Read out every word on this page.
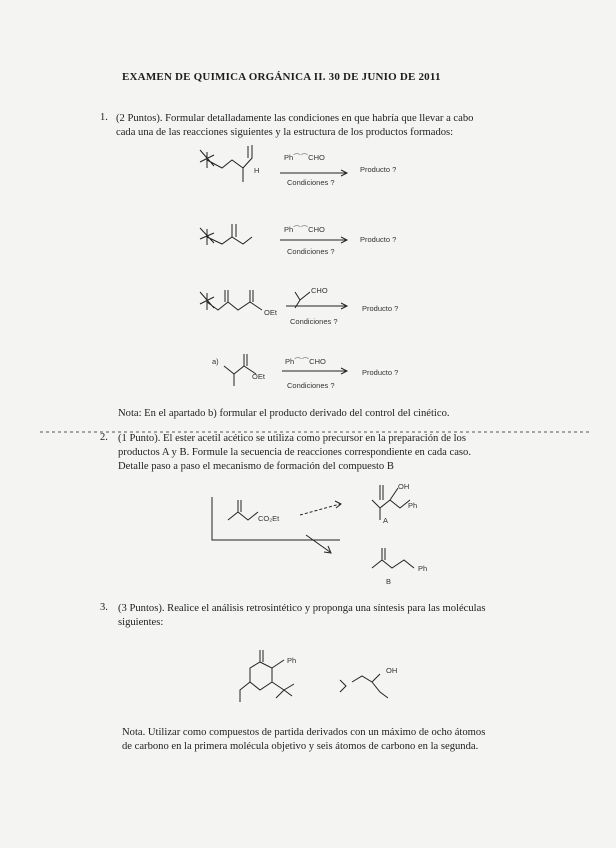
EXAMEN DE QUIMICA ORGÁNICA II. 30 DE JUNIO DE 2011
1. (2 Puntos). Formular detalladamente las condiciones en que habría que llevar a cabo
cada una de las reacciones siguientes y la estructura de los productos formados:
H
Ph⌒⌒CHO
Condiciones ?
Producto ?
Ph⌒⌒CHO
Condiciones ?
Producto ?
OEt
CHO
Condiciones ?
Producto ?
a)
OEt
Ph⌒⌒CHO
Condiciones ?
Producto ?
Nota: En el apartado b) formular el producto derivado del control del cinético.
2. (1 Punto). El ester acetil acético se utiliza como precursor en la preparación de los
productos A y B. Formule la secuencia de reacciones correspondiente en cada caso.
Detalle paso a paso el mecanismo de formación del compuesto B
CO₂Et
OH
Ph
A
Ph
B
3. (3 Puntos). Realice el análisis retrosintético y proponga una síntesis para las moléculas
siguientes:
Ph
OH
Nota. Utilizar como compuestos de partida derivados con un máximo de ocho átomos
de carbono en la primera molécula objetivo y seis átomos de carbono en la segunda.
